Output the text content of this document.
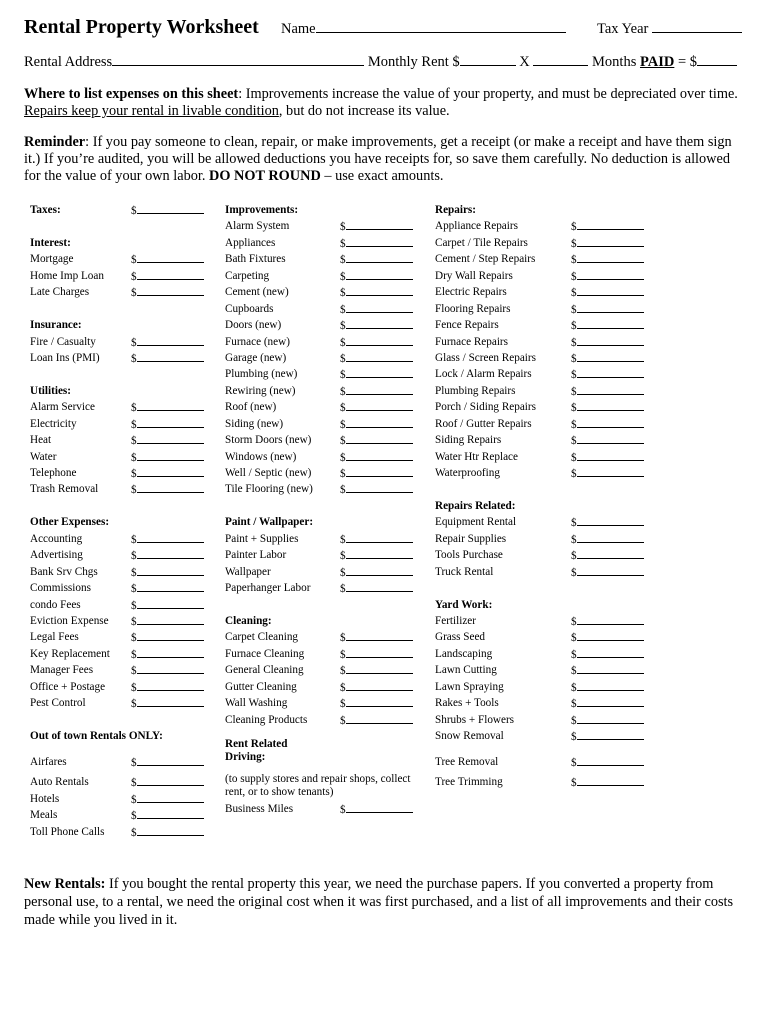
Rental Property Worksheet Name	Tax Year
Rental Address	Monthly Rent $	X	Months PAID = $
Where to list expenses on this sheet: Improvements increase the value of your property, and must be depreciated over time.
Repairs keep your rental in livable condition, but do not increase its value.
Reminder: If you pay someone to clean, repair, or make improvements, get a receipt (or make a receipt and have them sign it.) If you’re audited, you will be allowed deductions you have receipts for, so save them carefully. No deduction is allowed for the value of your own labor. DO NOT ROUND – use exact amounts.
Taxes:	$
Interest:
Mortgage	$
Home Imp Loan $
Late Charges	$
Insurance:
Fire / Casualty	$
Loan Ins (PMI)	$
Utilities:
Alarm Service	$
Electricity	$
Heat	$
Water	$
Telephone	$
Trash Removal	$
Other Expenses:
Accounting	$
Advertising	$
Bank Srv Chgs	$
Commissions	$
condo Fees	$
Eviction Expense $
Legal Fees	$
Key Replacement $
Manager Fees	$
Office + Postage $
Pest Control	$
Out of town Rentals ONLY:
Airfares	$
Auto Rentals	$
Hotels	$
Meals	$
Toll Phone Calls $
Improvements:
Alarm System	$
Appliances	$
Bath Fixtures	$
Carpeting	$
Cement (new)	$
Cupboards	$
Doors (new)	$
Furnace (new)	$
Garage (new)	$
Plumbing (new)	$
Rewiring (new)	$
Roof (new)	$
Siding (new)	$
Storm Doors (new)	$
Windows (new)	$
Well / Septic (new)	$
Tile Flooring (new) $
Paint / Wallpaper:
Paint + Supplies	$
Painter Labor	$
Wallpaper	$
Paperhanger Labor	$
Cleaning:
Carpet Cleaning	$
Furnace Cleaning	$
General Cleaning	$
Gutter Cleaning	$
Wall Washing	$
Cleaning Products	$
Rent Related
Driving:
(to supply stores and repair shops, collect
rent, or to show tenants)
Business Miles	$
Repairs:
Appliance Repairs	$
Carpet / Tile Repairs	$
Cement / Step Repairs	$
Dry Wall Repairs	$
Electric Repairs	$
Flooring Repairs	$
Fence Repairs	$
Furnace Repairs	$
Glass / Screen Repairs	$
Lock / Alarm Repairs	$
Plumbing Repairs	$
Porch / Siding Repairs	$
Roof / Gutter Repairs	$
Siding Repairs	$
Water Htr Replace	$
Waterproofing	$
Repairs Related:
Equipment Rental	$
Repair Supplies	$
Tools Purchase	$
Truck Rental	$
Yard Work:
Fertilizer	$
Grass Seed	$
Landscaping	$
Lawn Cutting	$
Lawn Spraying	$
Rakes + Tools	$
Shrubs + Flowers	$
Snow Removal	$
Tree Removal	$
Tree Trimming	$
New Rentals: If you bought the rental property this year, we need the purchase papers. If you converted a property from personal use, to a rental, we need the original cost when it was first purchased, and a list of all improvements and their costs made while you lived in it.
